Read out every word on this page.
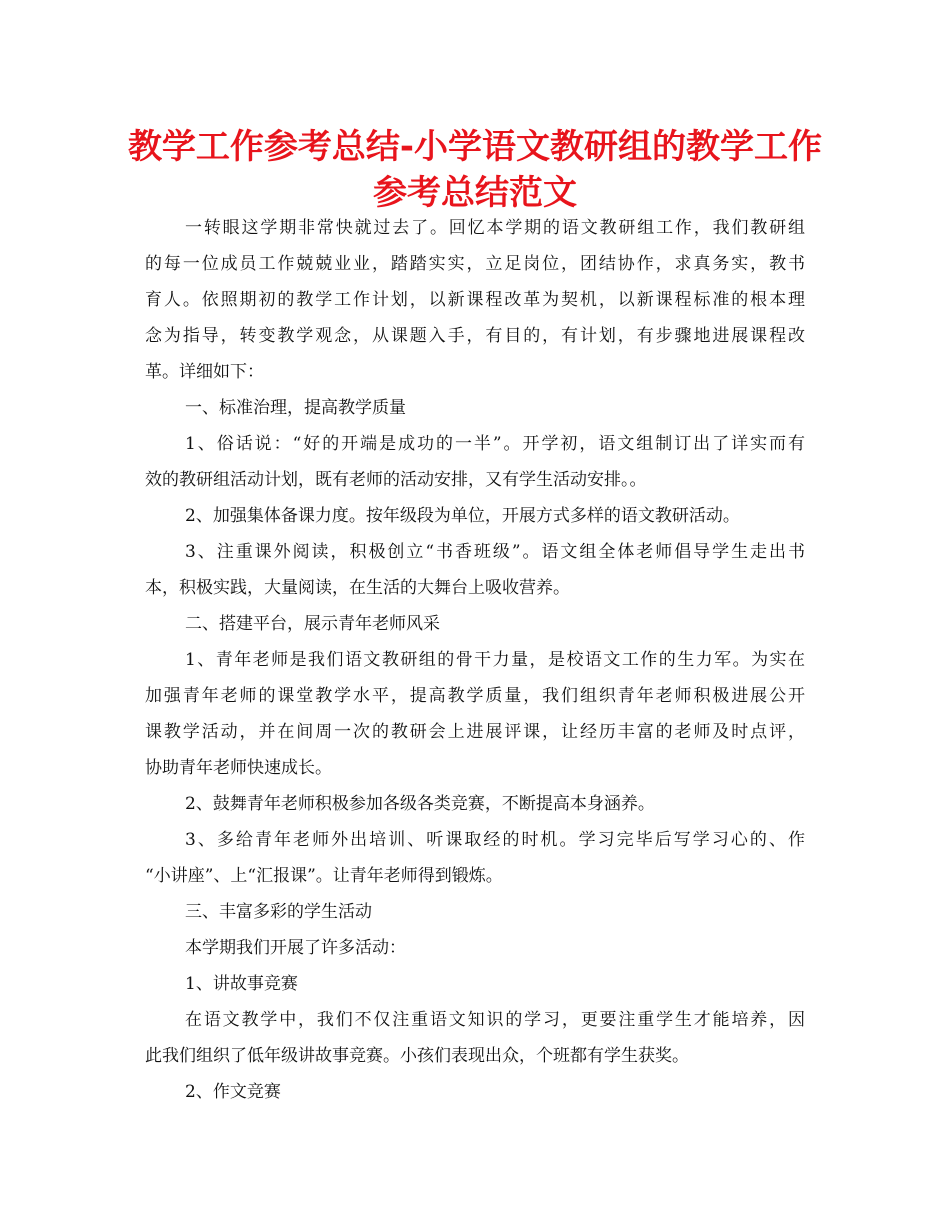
教学工作参考总结-小学语文教研组的教学工作
参考总结范文
一转眼这学期非常快就过去了。回忆本学期的语文教研组工作，我们教研组
的每一位成员工作兢兢业业，踏踏实实，立足岗位，团结协作，求真务实，教书
育人。依照期初的教学工作计划，以新课程改革为契机，以新课程标准的根本理
念为指导，转变教学观念，从课题入手，有目的，有计划，有步骤地进展课程改
革。详细如下：
一、标准治理，提高教学质量
1、俗话说：“好的开端是成功的一半”。开学初，语文组制订出了详实而有
效的教研组活动计划，既有老师的活动安排，又有学生活动安排。。
2、加强集体备课力度。按年级段为单位，开展方式多样的语文教研活动。
3、注重课外阅读，积极创立“书香班级”。语文组全体老师倡导学生走出书
本，积极实践，大量阅读，在生活的大舞台上吸收营养。
二、搭建平台，展示青年老师风采
1、青年老师是我们语文教研组的骨干力量，是校语文工作的生力军。为实在
加强青年老师的课堂教学水平，提高教学质量，我们组织青年老师积极进展公开
课教学活动，并在间周一次的教研会上进展评课，让经历丰富的老师及时点评，
协助青年老师快速成长。
2、鼓舞青年老师积极参加各级各类竞赛，不断提高本身涵养。
3、多给青年老师外出培训、听课取经的时机。学习完毕后写学习心的、作
“小讲座”、上“汇报课”。让青年老师得到锻炼。
三、丰富多彩的学生活动
本学期我们开展了许多活动：
1、讲故事竞赛
在语文教学中，我们不仅注重语文知识的学习，更要注重学生才能培养，因
此我们组织了低年级讲故事竞赛。小孩们表现出众，个班都有学生获奖。
2、作文竞赛
